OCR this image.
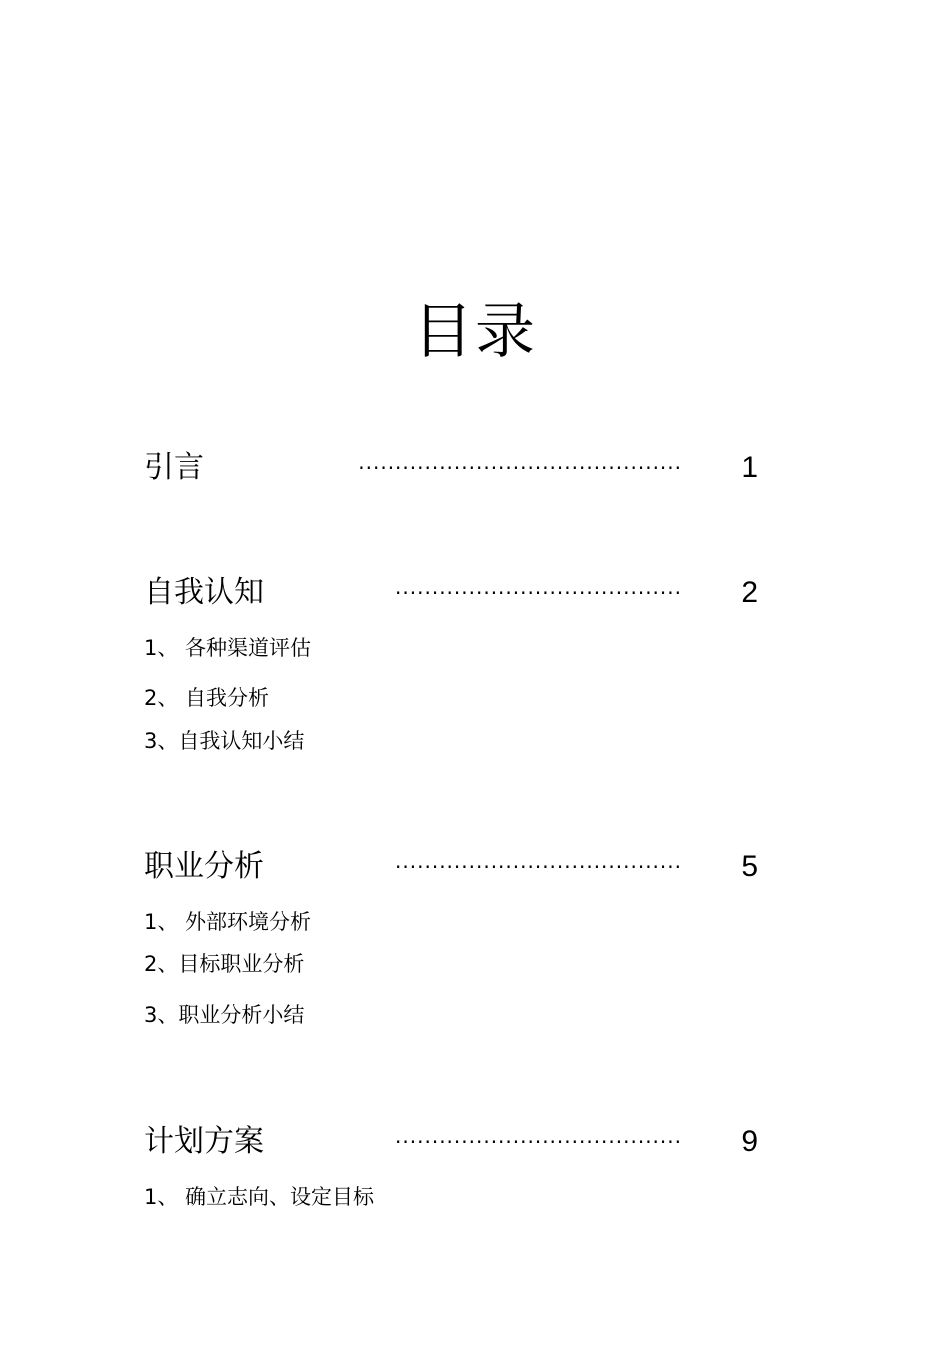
目录
引言	············································ 1
自我认知	······································· 2
1、 各种渠道评估
2、 自我分析
3、自我认知小结
职业分析	······································· 5
1、 外部环境分析
2、目标职业分析
3、职业分析小结
计划方案	······································· 9
1、 确立志向、设定目标
